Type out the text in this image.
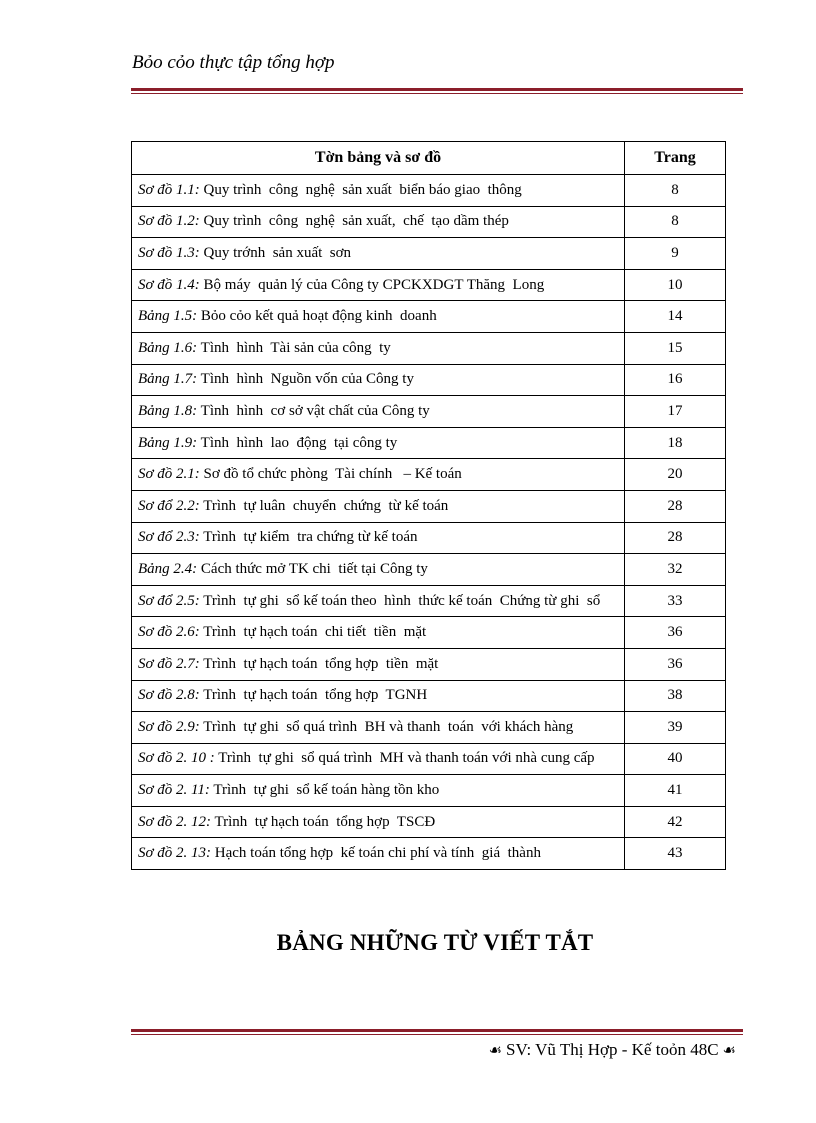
Bỏo cỏo thực tập tổng hợp
Tờn bảng và sơ đồ	Trang
Sơ đồ 1.1: Quy trình  công  nghệ  sản xuất  biển báo giao  thông	8
Sơ đồ 1.2: Quy trình  công  nghệ  sản xuất,  chế  tạo dầm thép	8
Sơ đồ 1.3: Quy trớnh  sản xuất  sơn	9
Sơ đồ 1.4: Bộ máy  quản lý của Công ty CPCKXDGT Thăng  Long	10
Bảng 1.5: Bỏo cỏo kết quả hoạt động kinh  doanh	14
Bảng 1.6: Tình  hình  Tài sản của công  ty	15
Bảng 1.7: Tình  hình  Nguồn vốn của Công ty	16
Bảng 1.8: Tình  hình  cơ sở vật chất của Công ty	17
Bảng 1.9: Tình  hình  lao  động  tại công ty	18
Sơ đồ 2.1: Sơ đồ tổ chức phòng  Tài chính   – Kế toán	20
Sơ đổ 2.2: Trình  tự luân  chuyển  chứng  từ kế toán	28
Sơ đổ 2.3: Trình  tự kiểm  tra chứng từ kế toán	28
Bảng 2.4: Cách thức mở TK chi  tiết tại Công ty	32
Sơ đổ 2.5: Trình  tự ghi  sổ kế toán theo  hình  thức kế toán  Chứng từ ghi  sổ	33
Sơ đồ 2.6: Trình  tự hạch toán  chi tiết  tiền  mặt	36
Sơ đồ 2.7: Trình  tự hạch toán  tổng hợp  tiền  mặt	36
Sơ đồ 2.8: Trình  tự hạch toán  tổng hợp  TGNH	38
Sơ đồ 2.9: Trình  tự ghi  sổ quá trình  BH và thanh  toán  với khách hàng	39
Sơ đồ 2. 10 : Trình  tự ghi  sổ quá trình  MH và thanh toán với nhà cung cấp	40
Sơ đồ 2. 11: Trình  tự ghi  sổ kế toán hàng tồn kho	41
Sơ đồ 2. 12: Trình  tự hạch toán  tổng hợp  TSCĐ	42
Sơ đồ 2. 13: Hạch toán tổng hợp  kế toán chi phí và tính  giá  thành	43
BẢNG NHỮNG TỪ VIẾT TẮT
☙ SV: Vũ Thị Hợp - Kế toỏn 48C ☙
